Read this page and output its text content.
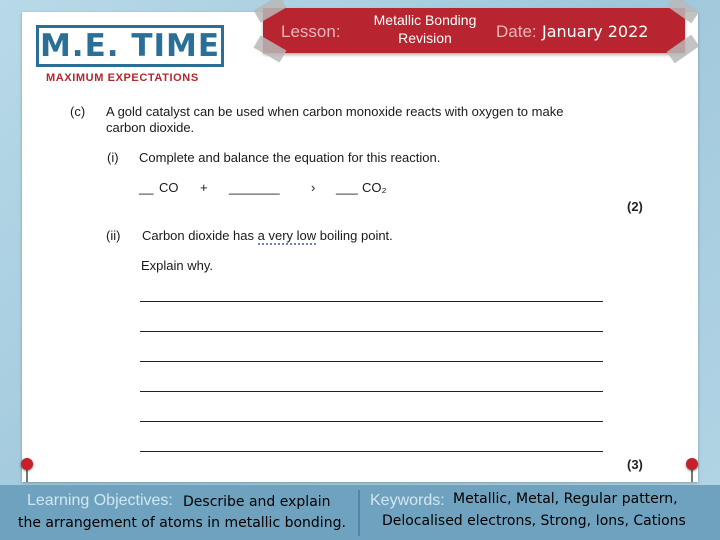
M.E. TIME
MAXIMUM EXPECTATIONS
Lesson:
Metallic Bonding
Revision	Date: January 2022
(c) A gold catalyst can be used when carbon monoxide reacts with oxygen to make
carbon dioxide.
(i) Complete and balance the equation for this reaction.
__ CO + _______ › ___ CO₂
(2)
(ii) Carbon dioxide has a very low boiling point.
Explain why.
(3)
Learning Objectives: Describe and explain
the arrangement of atoms in metallic bonding.
Keywords: Metallic, Metal, Regular pattern,
Delocalised electrons, Strong, Ions, Cations
